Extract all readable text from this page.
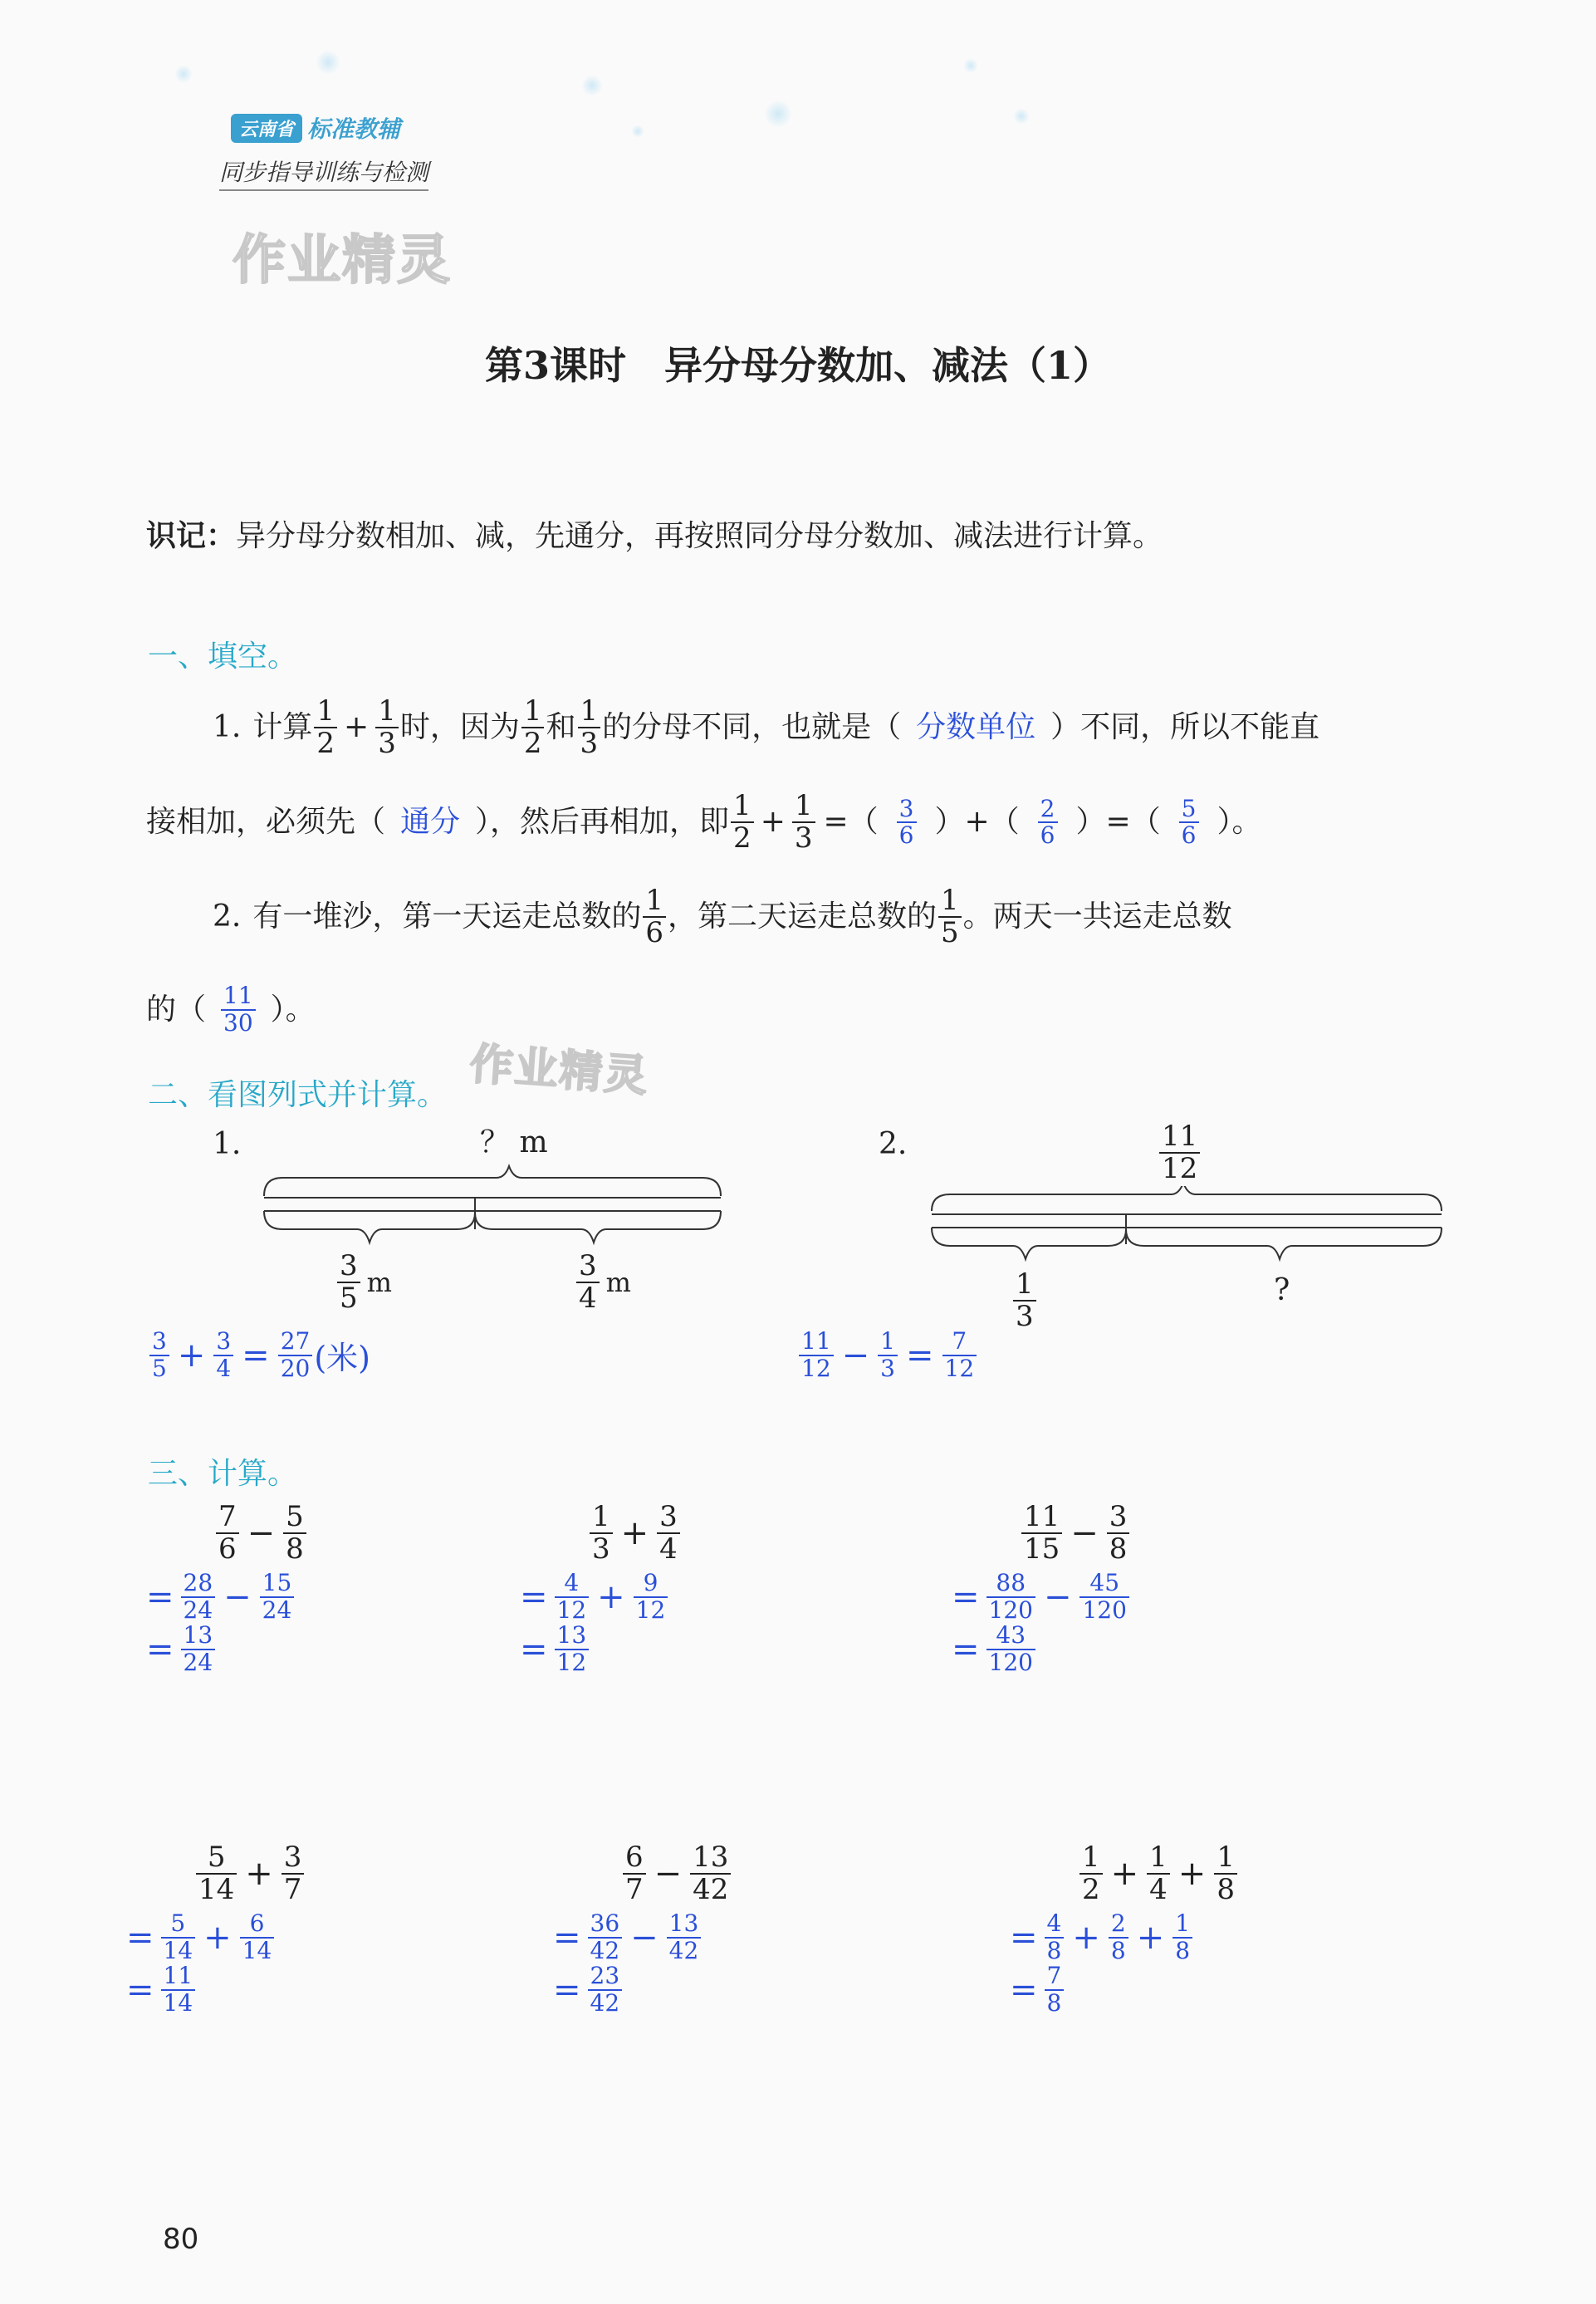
云南省 标准教辅
同步指导训练与检测
作业精灵
第3课时　异分母分数加、减法（1）
识记：异分母分数相加、减，先通分，再按照同分母分数加、减法进行计算。
一、填空。
1. 计算 $\frac{1}{2} + \frac{1}{3}$ 时，因为 $\frac{1}{2}$ 和 $\frac{1}{3}$ 的分母不同，也就是（ 分数单位 ）不同，所以不能直
接相加，必须先（ 通分 ），然后再相加，即 $\frac{1}{2} + \frac{1}{3}$ =（ $\frac{3}{6}$ ）+（ $\frac{2}{6}$ ）=（ $\frac{5}{6}$ ）。
2. 有一堆沙，第一天运走总数的 $\frac{1}{6}$ ，第二天运走总数的 $\frac{1}{5}$ 。两天一共运走总数
的（ $\frac{11}{30}$ ）。
作业精灵
二、看图列式并计算。
1.	？ m
$\frac{3}{5}$ m	$\frac{3}{4}$ m
$\frac{3}{5} + \frac{3}{4} = \frac{27}{20}$ (米)
2.	$\frac{11}{12}$
$\frac{1}{3}$	?
$\frac{11}{12} - \frac{1}{3} = \frac{7}{12}$
三、计算。
$\frac{7}{6} - \frac{5}{8}$
= $\frac{28}{24} - \frac{15}{24}$
= $\frac{13}{24}$
$\frac{1}{3} + \frac{3}{4}$
= $\frac{4}{12} + \frac{9}{12}$
= $\frac{13}{12}$
$\frac{11}{15} - \frac{3}{8}$
= $\frac{88}{120} - \frac{45}{120}$
= $\frac{43}{120}$
$\frac{5}{14} + \frac{3}{7}$
= $\frac{5}{14} + \frac{6}{14}$
= $\frac{11}{14}$
$\frac{6}{7} - \frac{13}{42}$
= $\frac{36}{42} - \frac{13}{42}$
= $\frac{23}{42}$
$\frac{1}{2} + \frac{1}{4} + \frac{1}{8}$
= $\frac{4}{8} + \frac{2}{8} + \frac{1}{8}$
= $\frac{7}{8}$
80
